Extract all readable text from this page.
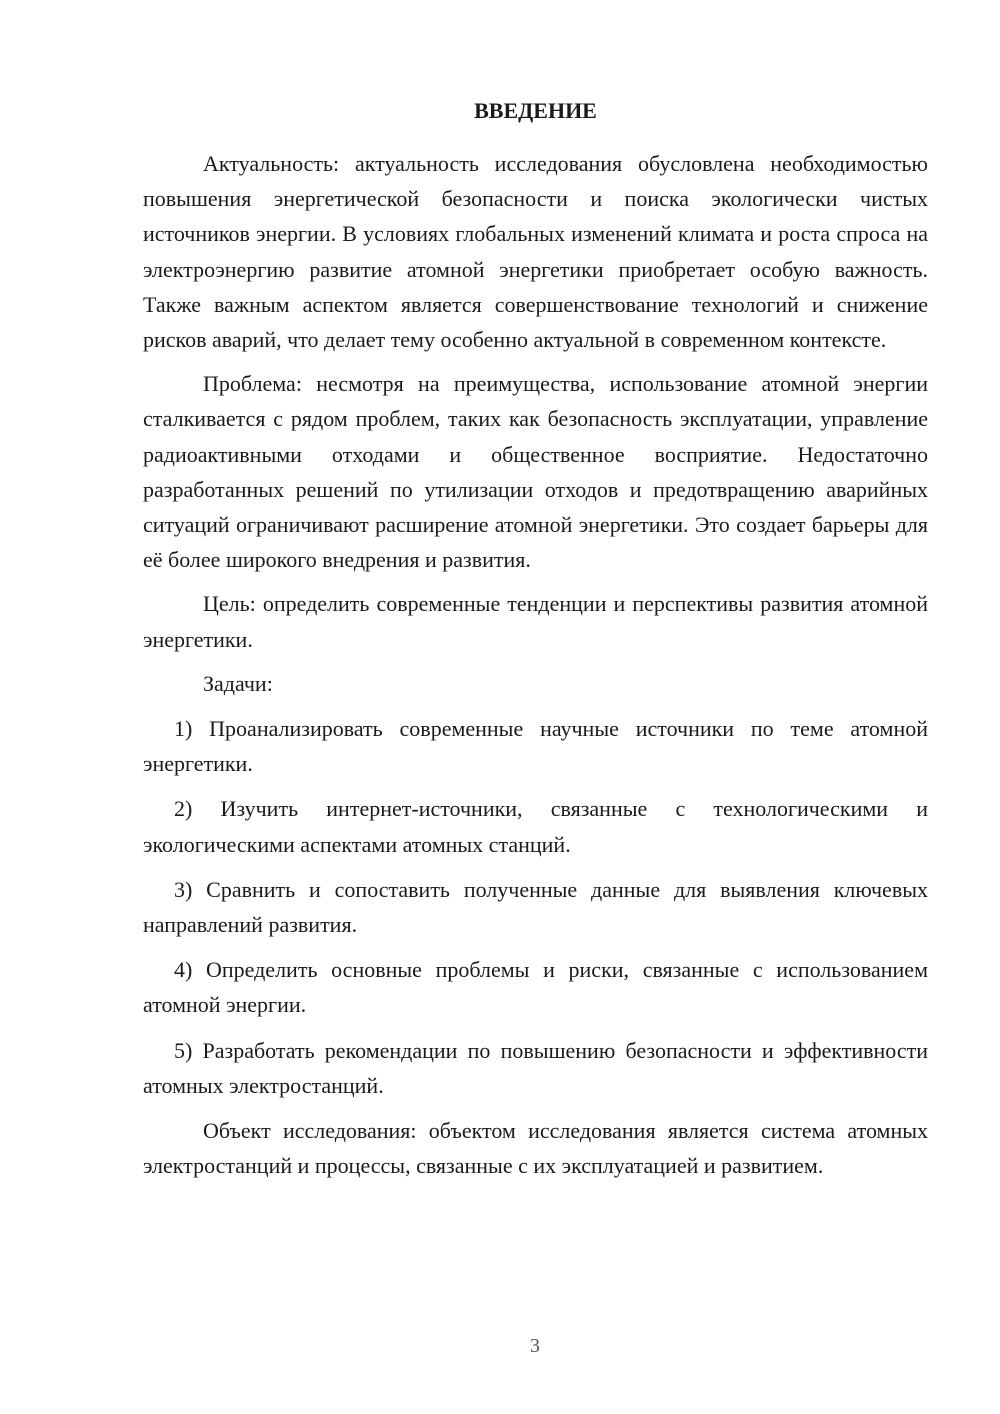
ВВЕДЕНИЕ

Актуальность: актуальность исследования обусловлена необходимостью повышения энергетической безопасности и поиска экологически чистых источников энергии. В условиях глобальных изменений климата и роста спроса на электроэнергию развитие атомной энергетики приобретает особую важность. Также важным аспектом является совершенствование технологий и снижение рисков аварий, что делает тему особенно актуальной в современном контексте.

Проблема: несмотря на преимущества, использование атомной энергии сталкивается с рядом проблем, таких как безопасность эксплуатации, управление радиоактивными отходами и общественное восприятие. Недостаточно разработанных решений по утилизации отходов и предотвращению аварийных ситуаций ограничивают расширение атомной энергетики. Это создает барьеры для её более широкого внедрения и развития.

Цель: определить современные тенденции и перспективы развития атомной энергетики.

Задачи:

1) Проанализировать современные научные источники по теме атомной энергетики.

2) Изучить интернет-источники, связанные с технологическими и экологическими аспектами атомных станций.

3) Сравнить и сопоставить полученные данные для выявления ключевых направлений развития.

4) Определить основные проблемы и риски, связанные с использованием атомной энергии.

5) Разработать рекомендации по повышению безопасности и эффективности атомных электростанций.

Объект исследования: объектом исследования является система атомных электростанций и процессы, связанные с их эксплуатацией и развитием.

3
